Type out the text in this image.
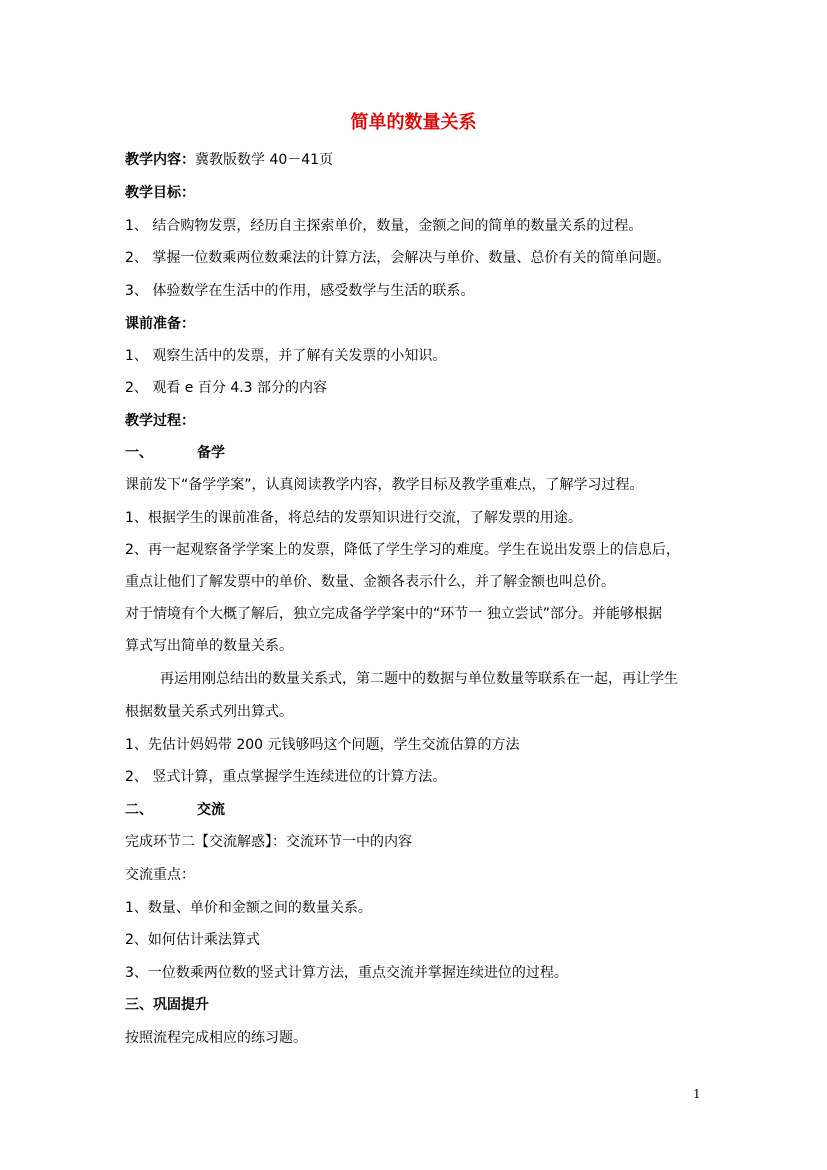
简单的数量关系
教学内容：冀教版数学 40－41页
教学目标：
1、 结合购物发票，经历自主探索单价，数量，金额之间的简单的数量关系的过程。
2、 掌握一位数乘两位数乘法的计算方法，会解决与单价、数量、总价有关的简单问题。
3、 体验数学在生活中的作用，感受数学与生活的联系。
课前准备：
1、 观察生活中的发票，并了解有关发票的小知识。
2、 观看 e 百分 4.3 部分的内容
教学过程：
一、	备学
课前发下“备学学案”，认真阅读教学内容，教学目标及教学重难点，了解学习过程。
1、根据学生的课前准备，将总结的发票知识进行交流，了解发票的用途。
2、再一起观察备学学案上的发票，降低了学生学习的难度。学生在说出发票上的信息后，
重点让他们了解发票中的单价、数量、金额各表示什么，并了解金额也叫总价。
对于情境有个大概了解后，独立完成备学学案中的“环节一 独立尝试”部分。并能够根据
算式写出简单的数量关系。
再运用刚总结出的数量关系式，第二题中的数据与单位数量等联系在一起，再让学生
根据数量关系式列出算式。
1、先估计妈妈带 200 元钱够吗这个问题，学生交流估算的方法
2、 竖式计算，重点掌握学生连续进位的计算方法。
二、	交流
完成环节二【交流解惑】：交流环节一中的内容
交流重点：
1、数量、单价和金额之间的数量关系。
2、如何估计乘法算式
3、一位数乘两位数的竖式计算方法，重点交流并掌握连续进位的过程。
三、巩固提升
按照流程完成相应的练习题。
1
